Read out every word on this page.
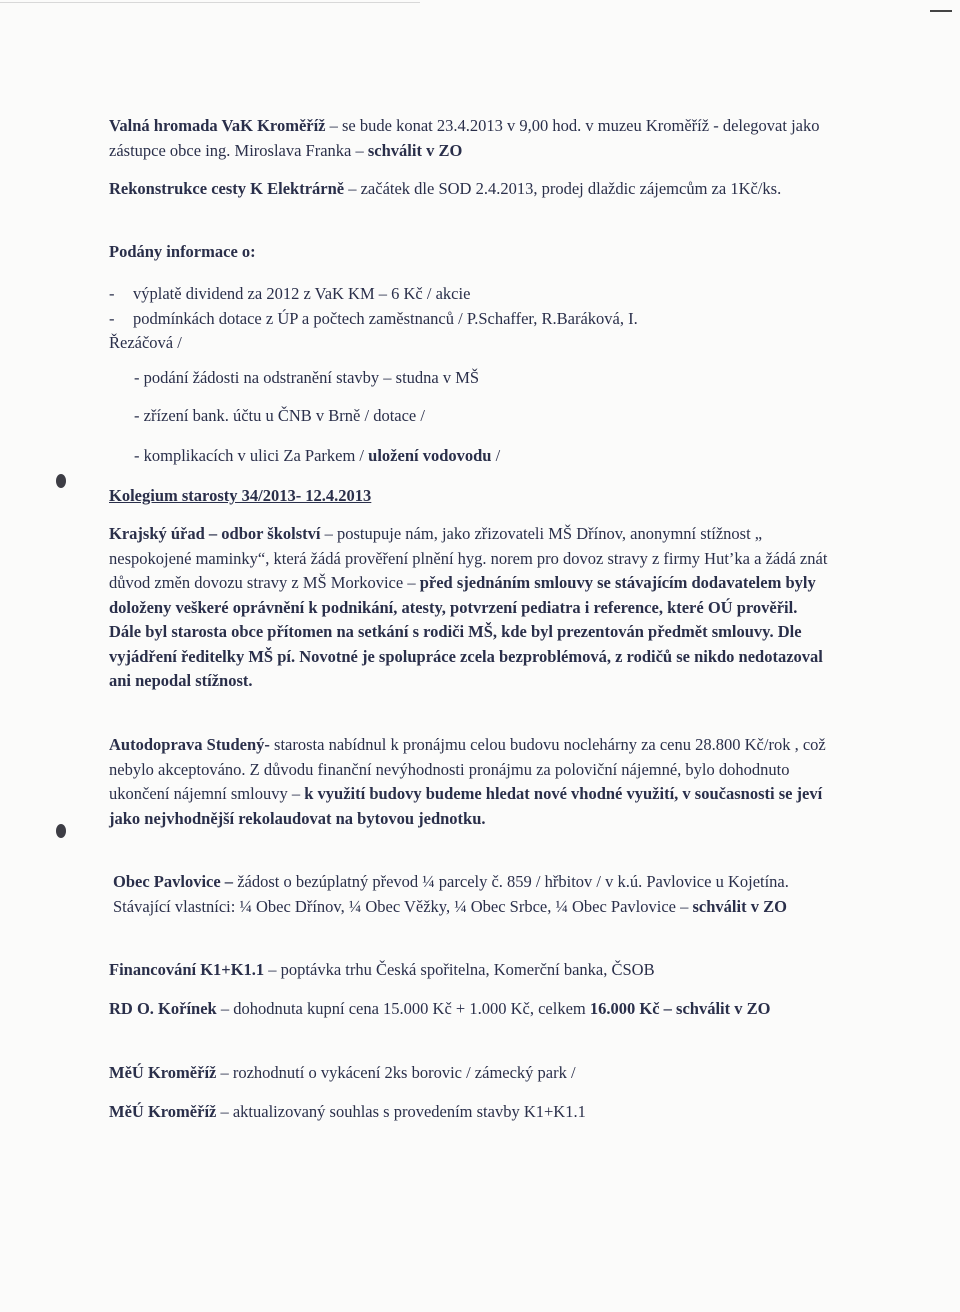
Valná hromada VaK Kroměříž – se bude konat 23.4.2013 v 9,00 hod. v muzeu Kroměříž - delegovat jako zástupce obce ing. Miroslava Franka – schválit v ZO

Rekonstrukce cesty K Elektrárně – začátek dle SOD 2.4.2013, prodej dlaždic zájemcům za 1Kč/ks.

Podány informace o:

- výplatě dividend za 2012 z VaK KM – 6 Kč / akcie

- podmínkách dotace z ÚP a počtech zaměstnanců / P.Schaffer, R.Baráková, I.

Řezáčová /

- podání žádosti na odstranění stavby – studna v MŠ

- zřízení bank. účtu u ČNB v Brně / dotace /

- komplikacích v ulici Za Parkem / uložení vodovodu /

Kolegium starosty 34/2013- 12.4.2013

Krajský úřad – odbor školství – postupuje nám, jako zřizovateli MŠ Dřínov, anonymní stížnost „ nespokojené maminky“, která žádá prověření plnění hyg. norem pro dovoz stravy z firmy Hut’ka a žádá znát důvod změn dovozu stravy z MŠ Morkovice – před sjednáním smlouvy se stávajícím dodavatelem byly doloženy veškeré oprávnění k podnikání, atesty, potvrzení pediatra i reference, které OÚ prověřil. Dále byl starosta obce přítomen na setkání s rodiči MŠ, kde byl prezentován předmět smlouvy. Dle vyjádření ředitelky MŠ pí. Novotné je spolupráce zcela bezproblémová, z rodičů se nikdo nedotazoval ani nepodal stížnost.

Autodoprava Studený- starosta nabídnul k pronájmu celou budovu noclehárny za cenu 28.800 Kč/rok , což nebylo akceptováno. Z důvodu finanční nevýhodnosti pronájmu za poloviční nájemné, bylo dohodnuto ukončení nájemní smlouvy – k využití budovy budeme hledat nové vhodné využití, v současnosti se jeví jako nejvhodnější rekolaudovat na bytovou jednotku.

Obec Pavlovice – žádost o bezúplatný převod ¼ parcely č. 859 / hřbitov / v k.ú. Pavlovice u Kojetína. Stávající vlastníci: ¼ Obec Dřínov, ¼ Obec Věžky, ¼ Obec Srbce, ¼ Obec Pavlovice – schválit v ZO

Financování K1+K1.1 – poptávka trhu Česká spořitelna, Komerční banka, ČSOB

RD O. Kořínek – dohodnuta kupní cena 15.000 Kč + 1.000 Kč, celkem 16.000 Kč – schválit v ZO

MěÚ Kroměříž – rozhodnutí o vykácení 2ks borovic / zámecký park /

MěÚ Kroměříž – aktualizovaný souhlas s provedením stavby K1+K1.1
